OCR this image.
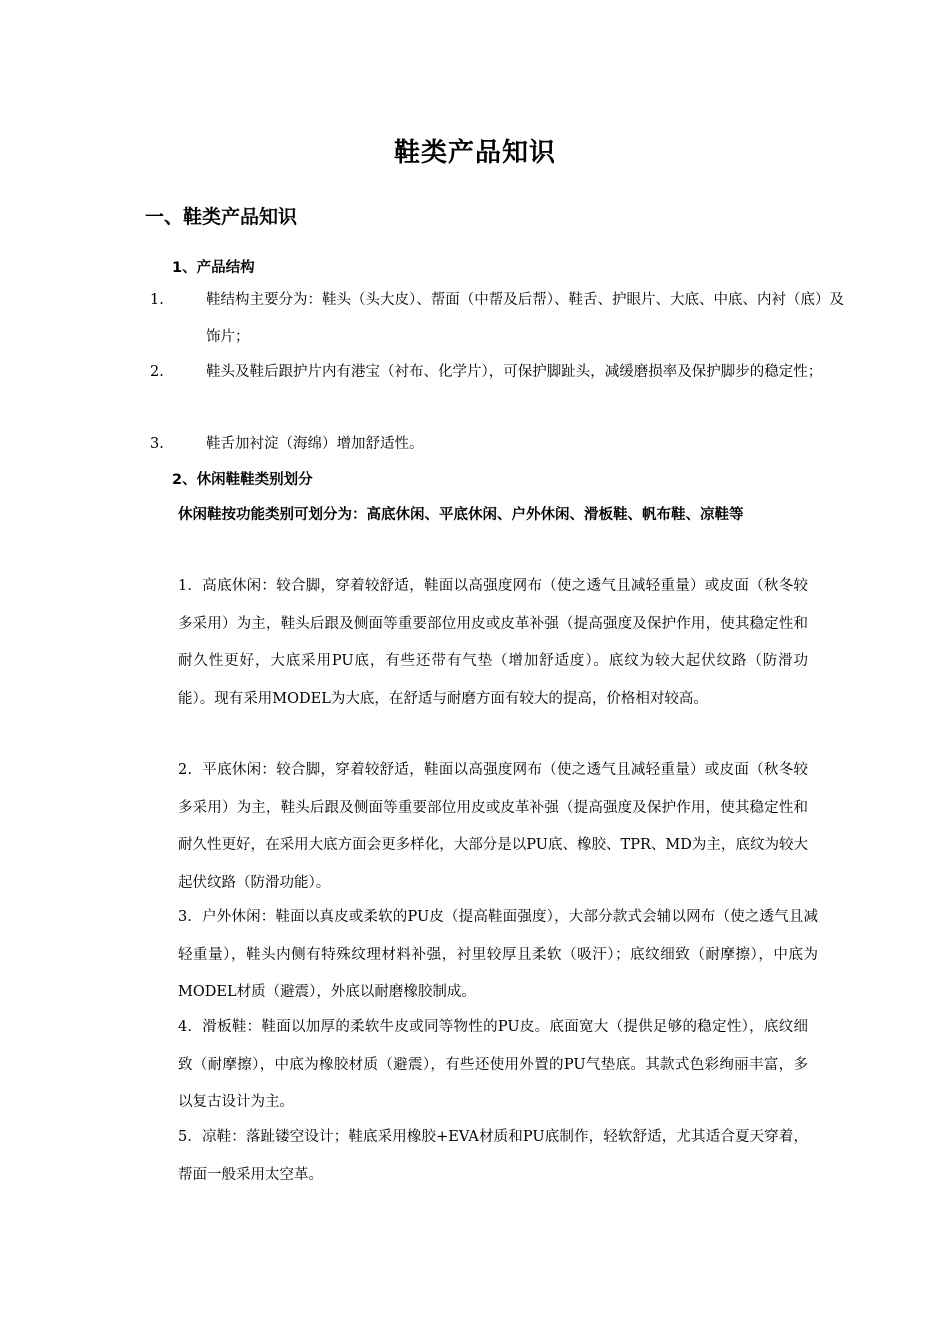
鞋类产品知识
一、鞋类产品知识
1、产品结构
1.	鞋结构主要分为：鞋头（头大皮）、帮面（中帮及后帮）、鞋舌、护眼片、大底、中底、内衬（底）及饰片；
2.	鞋头及鞋后跟护片内有港宝（衬布、化学片），可保护脚趾头，减缓磨损率及保护脚步的稳定性；
3.	鞋舌加衬淀（海绵）增加舒适性。
2、休闲鞋鞋类别划分
休闲鞋按功能类别可划分为：高底休闲、平底休闲、户外休闲、滑板鞋、帆布鞋、凉鞋等
1．高底休闲：较合脚，穿着较舒适，鞋面以高强度网布（使之透气且减轻重量）或皮面（秋冬较多采用）为主，鞋头后跟及侧面等重要部位用皮或皮革补强（提高强度及保护作用，使其稳定性和耐久性更好，大底采用PU底，有些还带有气垫（增加舒适度）。底纹为较大起伏纹路（防滑功能）。现有采用MODEL为大底，在舒适与耐磨方面有较大的提高，价格相对较高。
2．平底休闲：较合脚，穿着较舒适，鞋面以高强度网布（使之透气且减轻重量）或皮面（秋冬较多采用）为主，鞋头后跟及侧面等重要部位用皮或皮革补强（提高强度及保护作用，使其稳定性和耐久性更好，在采用大底方面会更多样化，大部分是以PU底、橡胶、TPR、MD为主，底纹为较大起伏纹路（防滑功能）。
3．户外休闲：鞋面以真皮或柔软的PU皮（提高鞋面强度），大部分款式会辅以网布（使之透气且减轻重量），鞋头内侧有特殊纹理材料补强，衬里较厚且柔软（吸汗）；底纹细致（耐摩擦），中底为MODEL材质（避震），外底以耐磨橡胶制成。
4．滑板鞋：鞋面以加厚的柔软牛皮或同等物性的PU皮。底面宽大（提供足够的稳定性），底纹细致（耐摩擦），中底为橡胶材质（避震），有些还使用外置的PU气垫底。其款式色彩绚丽丰富，多以复古设计为主。
5．凉鞋：落趾镂空设计；鞋底采用橡胶+EVA材质和PU底制作，轻软舒适，尤其适合夏天穿着，帮面一般采用太空革。
